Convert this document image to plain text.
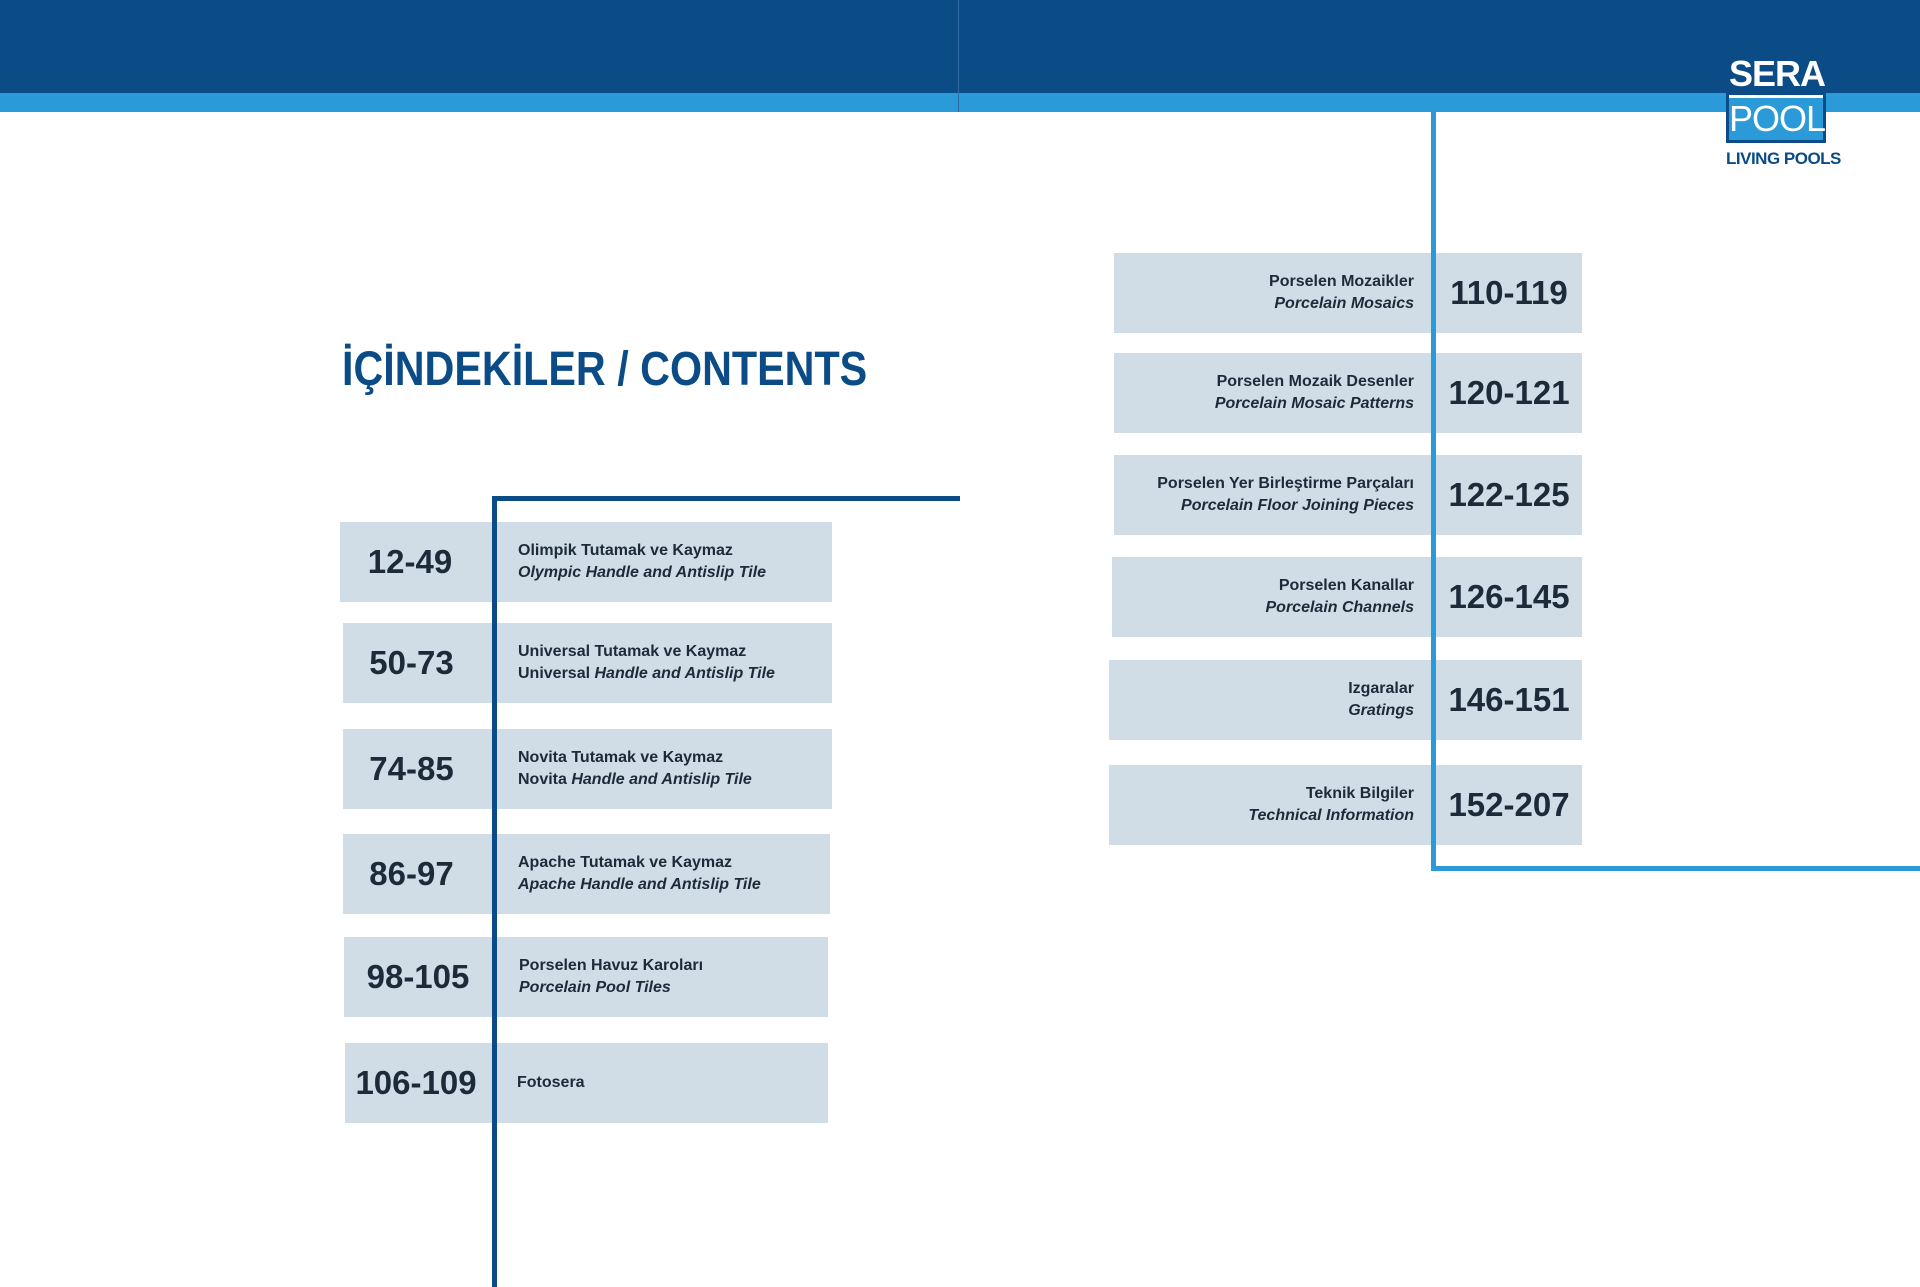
SERA
POOL
LIVING POOLS
İÇİNDEKİLER / CONTENTS
12-49	Olimpik Tutamak ve Kaymaz
Olympic Handle and Antislip Tile
50-73	Universal Tutamak ve Kaymaz
Universal Handle and Antislip Tile
74-85	Novita Tutamak ve Kaymaz
Novita Handle and Antislip Tile
86-97	Apache Tutamak ve Kaymaz
Apache Handle and Antislip Tile
98-105	Porselen Havuz Karoları
Porcelain Pool Tiles
106-109	Fotosera
Porselen Mozaikler
Porcelain Mosaics	110-119
Porselen Mozaik Desenler
Porcelain Mosaic Patterns	120-121
Porselen Yer Birleştirme Parçaları
Porcelain Floor Joining Pieces	122-125
Porselen Kanallar
Porcelain Channels	126-145
Izgaralar
Gratings	146-151
Teknik Bilgiler
Technical Information	152-207
